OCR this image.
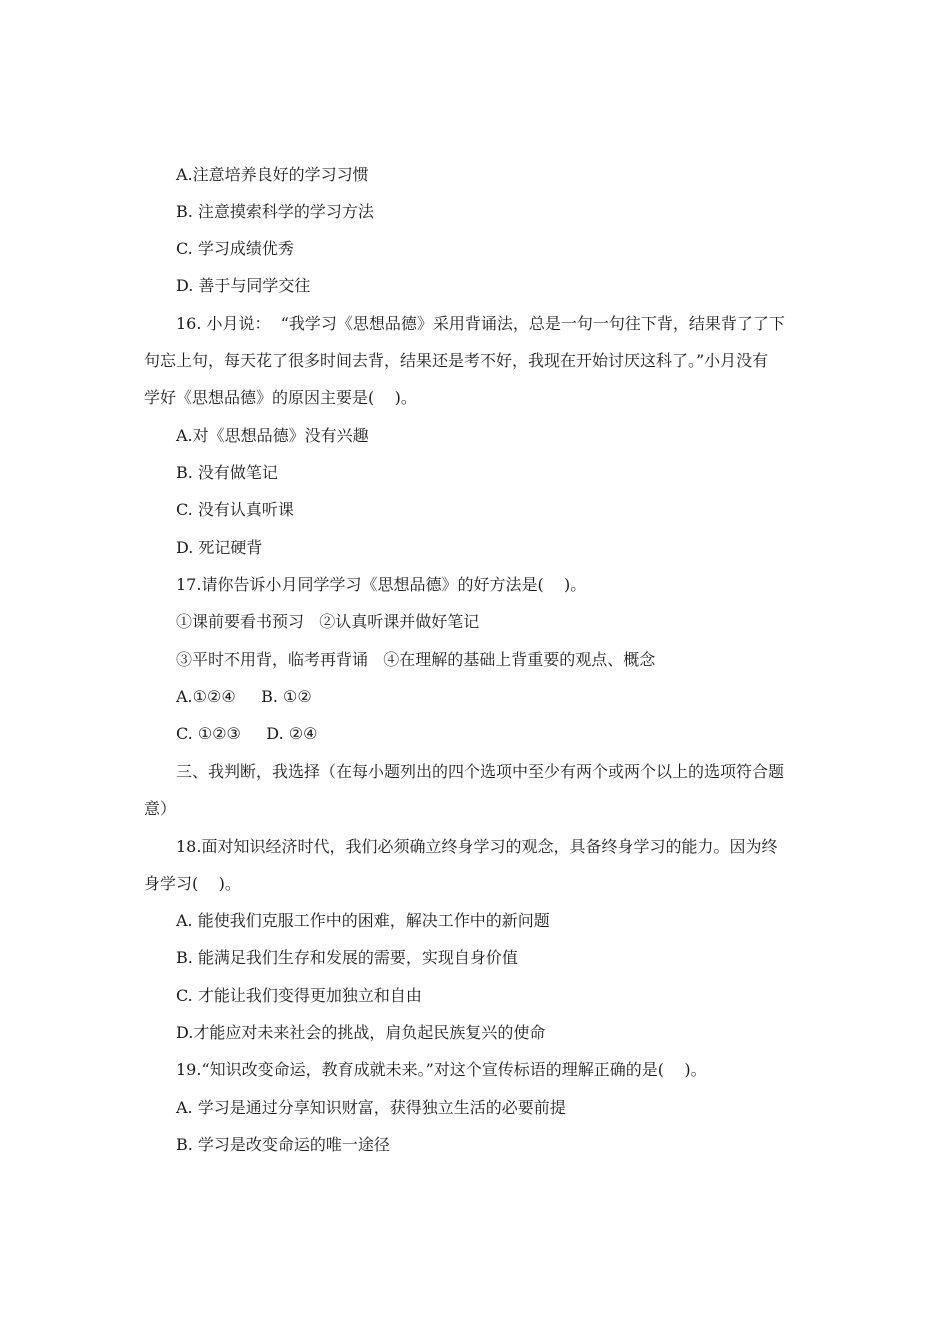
A.注意培养良好的学习习惯
B. 注意摸索科学的学习方法
C. 学习成绩优秀
D. 善于与同学交往
16. 小月说：  “我学习《思想品德》采用背诵法，总是一句一句往下背，结果背了了下
句忘上句，每天花了很多时间去背，结果还是考不好，我现在开始讨厌这科了。”小月没有
学好《思想品德》的原因主要是(    )。
A.对《思想品德》没有兴趣
B. 没有做笔记
C. 没有认真听课
D. 死记硬背
17.请你告诉小月同学学习《思想品德》的好方法是(    )。
①课前要看书预习   ②认真听课并做好笔记
③平时不用背，临考再背诵   ④在理解的基础上背重要的观点、概念
A.①②④     B. ①②
C. ①②③     D. ②④
三、我判断，我选择（在每小题列出的四个选项中至少有两个或两个以上的选项符合题
意）
18.面对知识经济时代，我们必须确立终身学习的观念，具备终身学习的能力。因为终
身学习(    )。
A. 能使我们克服工作中的困难，解决工作中的新问题
B. 能满足我们生存和发展的需要，实现自身价值
C. 才能让我们变得更加独立和自由
D.才能应对未来社会的挑战，肩负起民族复兴的使命
19.“知识改变命运，教育成就未来。”对这个宣传标语的理解正确的是(    )。
A. 学习是通过分享知识财富，获得独立生活的必要前提
B. 学习是改变命运的唯一途径
